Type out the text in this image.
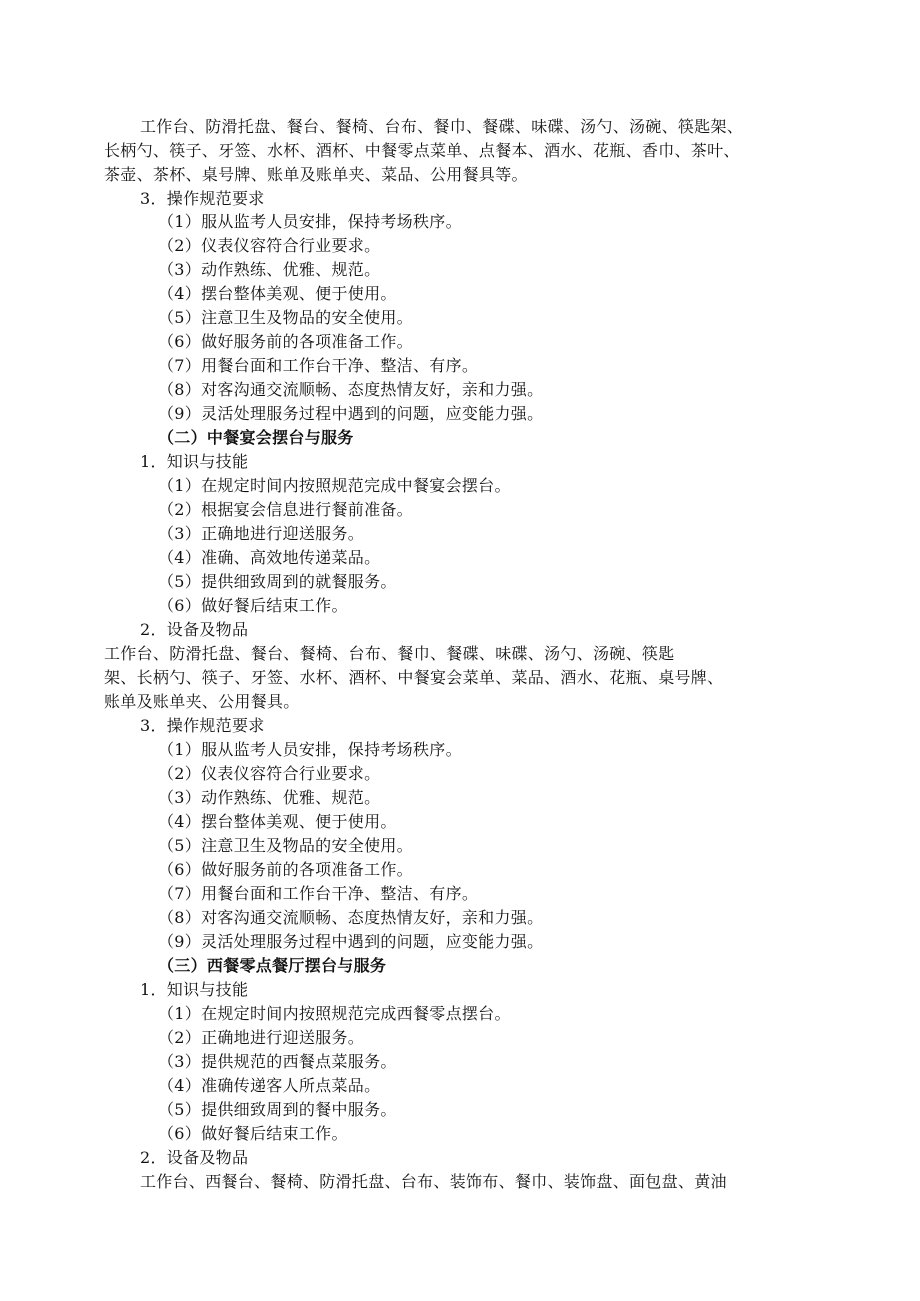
工作台、防滑托盘、餐台、餐椅、台布、餐巾、餐碟、味碟、汤勺、汤碗、筷匙架、
长柄勺、筷子、牙签、水杯、酒杯、中餐零点菜单、点餐本、酒水、花瓶、香巾、茶叶、
茶壶、茶杯、桌号牌、账单及账单夹、菜品、公用餐具等。
3．操作规范要求
（1）服从监考人员安排，保持考场秩序。
（2）仪表仪容符合行业要求。
（3）动作熟练、优雅、规范。
（4）摆台整体美观、便于使用。
（5）注意卫生及物品的安全使用。
（6）做好服务前的各项准备工作。
（7）用餐台面和工作台干净、整洁、有序。
（8）对客沟通交流顺畅、态度热情友好，亲和力强。
（9）灵活处理服务过程中遇到的问题，应变能力强。
（二）中餐宴会摆台与服务
1．知识与技能
（1）在规定时间内按照规范完成中餐宴会摆台。
（2）根据宴会信息进行餐前准备。
（3）正确地进行迎送服务。
（4）准确、高效地传递菜品。
（5）提供细致周到的就餐服务。
（6）做好餐后结束工作。
2．设备及物品
工作台、防滑托盘、餐台、餐椅、台布、餐巾、餐碟、味碟、汤勺、汤碗、筷匙
架、长柄勺、筷子、牙签、水杯、酒杯、中餐宴会菜单、菜品、酒水、花瓶、桌号牌、
账单及账单夹、公用餐具。
3．操作规范要求
（1）服从监考人员安排，保持考场秩序。
（2）仪表仪容符合行业要求。
（3）动作熟练、优雅、规范。
（4）摆台整体美观、便于使用。
（5）注意卫生及物品的安全使用。
（6）做好服务前的各项准备工作。
（7）用餐台面和工作台干净、整洁、有序。
（8）对客沟通交流顺畅、态度热情友好，亲和力强。
（9）灵活处理服务过程中遇到的问题，应变能力强。
（三）西餐零点餐厅摆台与服务
1．知识与技能
（1）在规定时间内按照规范完成西餐零点摆台。
（2）正确地进行迎送服务。
（3）提供规范的西餐点菜服务。
（4）准确传递客人所点菜品。
（5）提供细致周到的餐中服务。
（6）做好餐后结束工作。
2．设备及物品
工作台、西餐台、餐椅、防滑托盘、台布、装饰布、餐巾、装饰盘、面包盘、黄油
